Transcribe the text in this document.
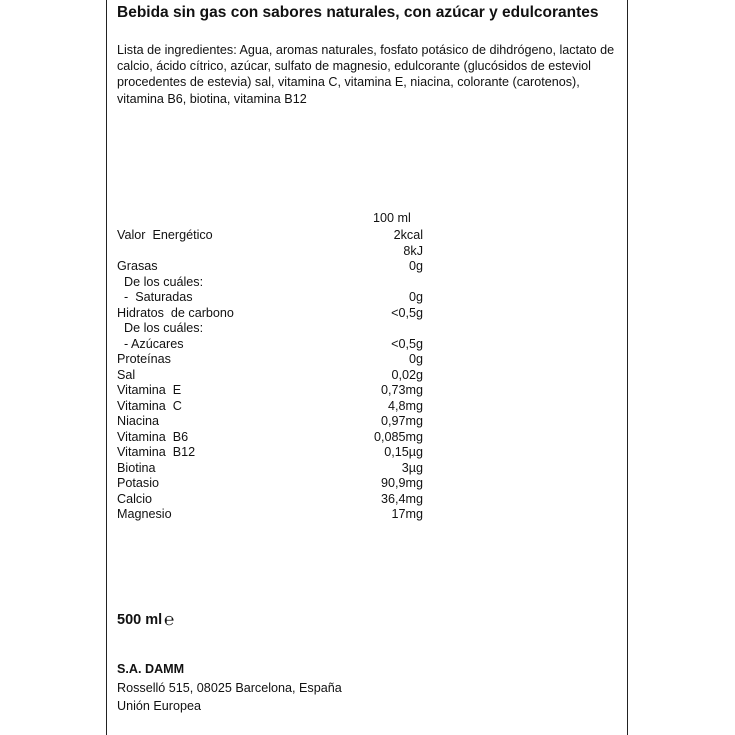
Bebida sin gas con sabores naturales, con azúcar y edulcorantes

Lista de ingredientes: Agua, aromas naturales, fosfato potásico de dihdrógeno, lactato de calcio, ácido cítrico, azúcar, sulfato de magnesio, edulcorante (glucósidos de esteviol procedentes de estevia) sal, vitamina C, vitamina E, niacina, colorante (carotenos), vitamina B6, biotina, vitamina B12

100 ml
Valor  Energético	2kcal
8kJ
Grasas	0g
De los cuáles:
-  Saturadas	0g
Hidratos  de carbono	<0,5g
De los cuáles:
- Azúcares	<0,5g
Proteínas	0g
Sal	0,02g
Vitamina  E	0,73mg
Vitamina  C	4,8mg
Niacina	0,97mg
Vitamina  B6	0,085mg
Vitamina  B12	0,15µg
Biotina	3µg
Potasio	90,9mg
Calcio	36,4mg
Magnesio	17mg
500 ml ℮
S.A. DAMM
Rosselló 515, 08025 Barcelona, España
Unión Europea
